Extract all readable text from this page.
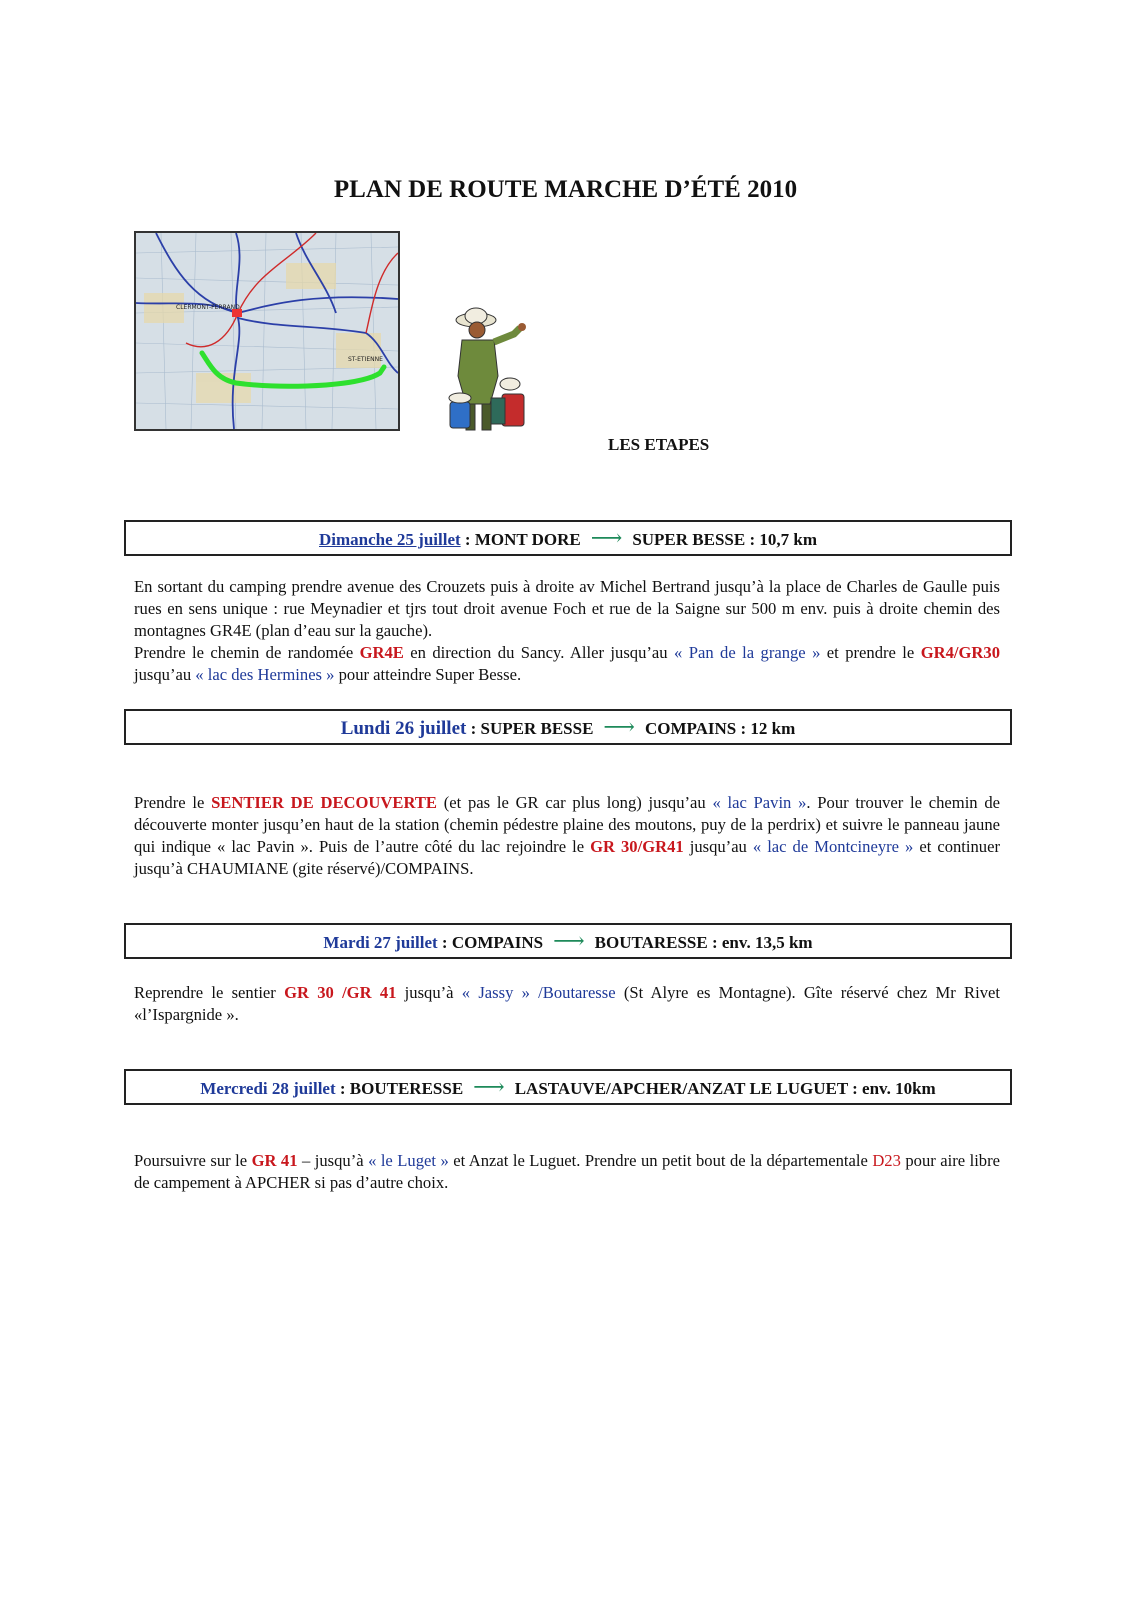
PLAN DE ROUTE MARCHE D’ÉTÉ 2010
CLERMONT-FERRAND
ST-ETIENNE
LES ETAPES
Dimanche 25 juillet : MONT DORE ⟶ SUPER BESSE : 10,7 km
En sortant du camping prendre avenue des Crouzets puis à droite av Michel Bertrand jusqu’à la place de Charles de Gaulle puis rues en sens unique : rue Meynadier et tjrs tout droit avenue Foch et rue de la Saigne sur 500 m env. puis à droite chemin des montagnes GR4E (plan d’eau sur la gauche).
Prendre le chemin de randomée GR4E en direction du Sancy. Aller jusqu’au « Pan de la grange » et prendre le GR4/GR30 jusqu’au « lac des Hermines » pour atteindre Super Besse.
Lundi 26 juillet : SUPER BESSE ⟶ COMPAINS : 12 km
Prendre le SENTIER DE DECOUVERTE (et pas le GR car plus long) jusqu’au « lac Pavin ». Pour trouver le chemin de découverte monter jusqu’en haut de la station (chemin pédestre plaine des moutons, puy de la perdrix) et suivre le panneau jaune qui indique « lac Pavin ». Puis de l’autre côté du lac rejoindre le GR 30/GR41 jusqu’au « lac de Montcineyre » et continuer jusqu’à CHAUMIANE (gite réservé)/COMPAINS.
Mardi 27 juillet : COMPAINS ⟶ BOUTARESSE : env. 13,5 km
Reprendre le sentier GR 30 /GR 41 jusqu’à « Jassy » /Boutaresse (St Alyre es Montagne). Gîte réservé chez Mr Rivet «l’Ispargnide ».
Mercredi 28 juillet : BOUTERESSE ⟶ LASTAUVE/APCHER/ANZAT LE LUGUET : env. 10km
Poursuivre sur le GR 41 – jusqu’à « le Luget » et Anzat le Luguet. Prendre un petit bout de la départementale D23 pour aire libre de campement à APCHER si pas d’autre choix.
